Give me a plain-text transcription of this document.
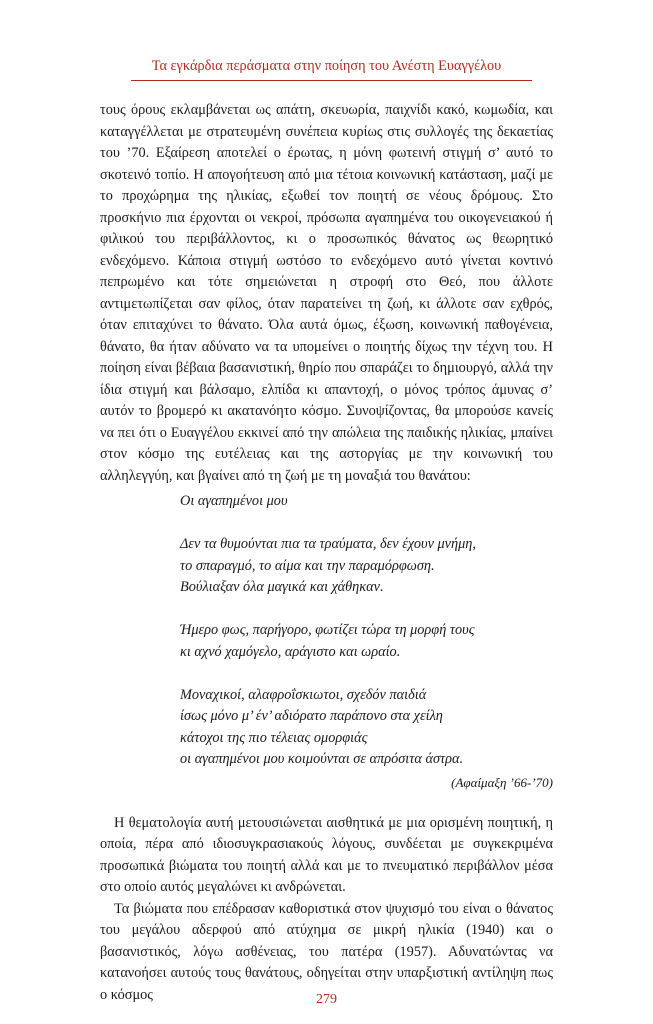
Τα εγκάρδια περάσματα στην ποίηση του Ανέστη Ευαγγέλου

τους όρους εκλαμβάνεται ως απάτη, σκευωρία, παιχνίδι κακό, κωμωδία, και καταγγέλλεται με στρατευμένη συνέπεια κυρίως στις συλλογές της δεκαετίας του ’70. Εξαίρεση αποτελεί ο έρωτας, η μόνη φωτεινή στιγμή σ’ αυτό το σκοτεινό τοπίο. Η απογοήτευση από μια τέτοια κοινωνική κατάσταση, μαζί με το προχώρημα της ηλικίας, εξωθεί τον ποιητή σε νέους δρόμους. Στο προσκήνιο πια έρχονται οι νεκροί, πρόσωπα αγαπημένα του οικογενειακού ή φιλικού του περιβάλλοντος, κι ο προσωπικός θάνατος ως θεωρητικό ενδεχόμενο. Κάποια στιγμή ωστόσο το ενδεχόμενο αυτό γίνεται κοντινό πεπρωμένο και τότε σημειώνεται η στροφή στο Θεό, που άλλοτε αντιμετωπίζεται σαν φίλος, όταν παρατείνει τη ζωή, κι άλλοτε σαν εχθρός, όταν επιταχύνει το θάνατο. Όλα αυτά όμως, έξωση, κοινωνική παθογένεια, θάνατο, θα ήταν αδύνατο να τα υπομείνει ο ποιητής δίχως την τέχνη του. Η ποίηση είναι βέβαια βασανιστική, θηρίο που σπαράζει το δημιουργό, αλλά την ίδια στιγμή και βάλσαμο, ελπίδα κι απαντοχή, ο μόνος τρόπος άμυνας σ’ αυτόν το βρομερό κι ακατανόητο κόσμο. Συνοψίζοντας, θα μπορούσε κανείς να πει ότι ο Ευαγγέλου εκκινεί από την απώλεια της παιδικής ηλικίας, μπαίνει στον κόσμο της ευτέλειας και της αστοργίας με την κοινωνική του αλληλεγγύη, και βγαίνει από τη ζωή με τη μοναξιά του θανάτου:

Οι αγαπημένοι μου
Δεν τα θυμούνται πια τα τραύματα, δεν έχουν μνήμη,
το σπαραγμό, το αίμα και την παραμόρφωση.
Βούλιαξαν όλα μαγικά και χάθηκαν.
Ήμερο φως, παρήγορο, φωτίζει τώρα τη μορφή τους
κι αχνό χαμόγελο, αράγιστο και ωραίο.
Μοναχικοί, αλαφροΐσκιωτοι, σχεδόν παιδιά
ίσως μόνο μ’ έν’ αδιόρατο παράπονο στα χείλη
κάτοχοι της πιο τέλειας ομορφιάς
οι αγαπημένοι μου κοιμούνται σε απρόσιτα άστρα.
(Αφαίμαξη ’66-’70)

Η θεματολογία αυτή μετουσιώνεται αισθητικά με μια ορισμένη ποιητική, η οποία, πέρα από ιδιοσυγκρασιακούς λόγους, συνδέεται με συγκεκριμένα προσωπικά βιώματα του ποιητή αλλά και με το πνευματικό περιβάλλον μέσα στο οποίο αυτός μεγαλώνει κι ανδρώνεται.

Τα βιώματα που επέδρασαν καθοριστικά στον ψυχισμό του είναι ο θάνατος του μεγάλου αδερφού από ατύχημα σε μικρή ηλικία (1940) και ο βασανιστικός, λόγω ασθένειας, του πατέρα (1957). Αδυνατώντας να κατανοήσει αυτούς τους θανάτους, οδηγείται στην υπαρξιστική αντίληψη πως ο κόσμος	279
